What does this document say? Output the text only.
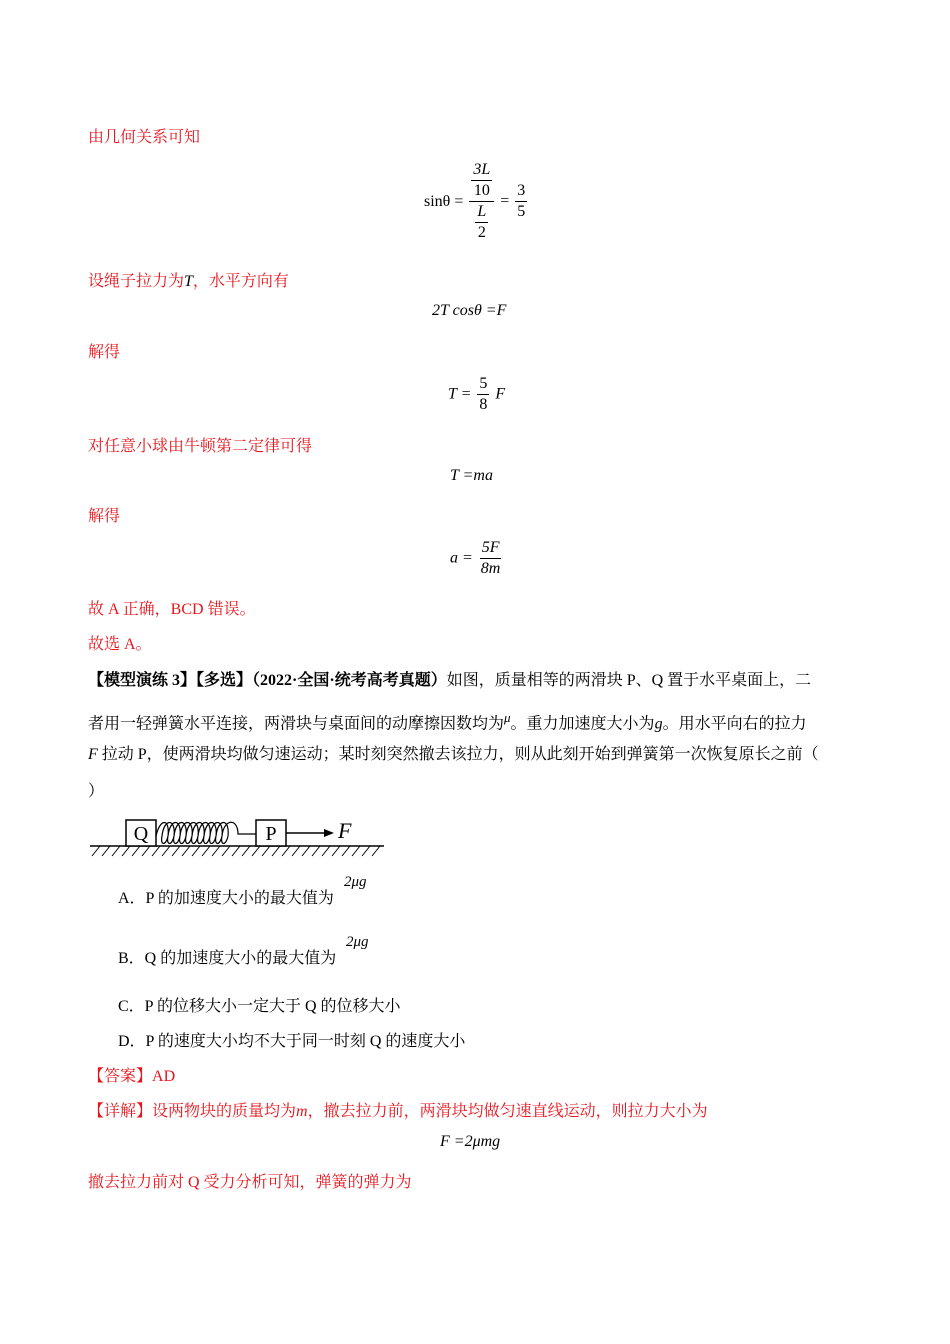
由几何关系可知
$\sin\theta = \frac{\frac{3L}{10}}{\frac{L}{2}} = \frac{3}{5}$
设绳子拉力为T，水平方向有
2T cosθ =F
解得
$T = \frac{5}{8}$ F
对任意小球由牛顿第二定律可得
T =ma
解得
$a = \frac{5F}{8m}$
故 A 正确，BCD 错误。
故选 A。
【模型演练 3】【多选】（2022·全国·统考高考真题）如图，质量相等的两滑块 P、Q 置于水平桌面上，二
者用一轻弹簧水平连接，两滑块与桌面间的动摩擦因数均为$^\mu$。重力加速度大小为g。用水平向右的拉力
F 拉动 P，使两滑块均做匀速运动；某时刻突然撤去该拉力，则从此刻开始到弹簧第一次恢复原长之前（
）
Q	P	F
A．P 的加速度大小的最大值为
2μg
B．Q 的加速度大小的最大值为
2μg
C．P 的位移大小一定大于 Q 的位移大小
D．P 的速度大小均不大于同一时刻 Q 的速度大小
【答案】AD
【详解】设两物块的质量均为m，撤去拉力前，两滑块均做匀速直线运动，则拉力大小为
F =2μmg
撤去拉力前对 Q 受力分析可知，弹簧的弹力为
